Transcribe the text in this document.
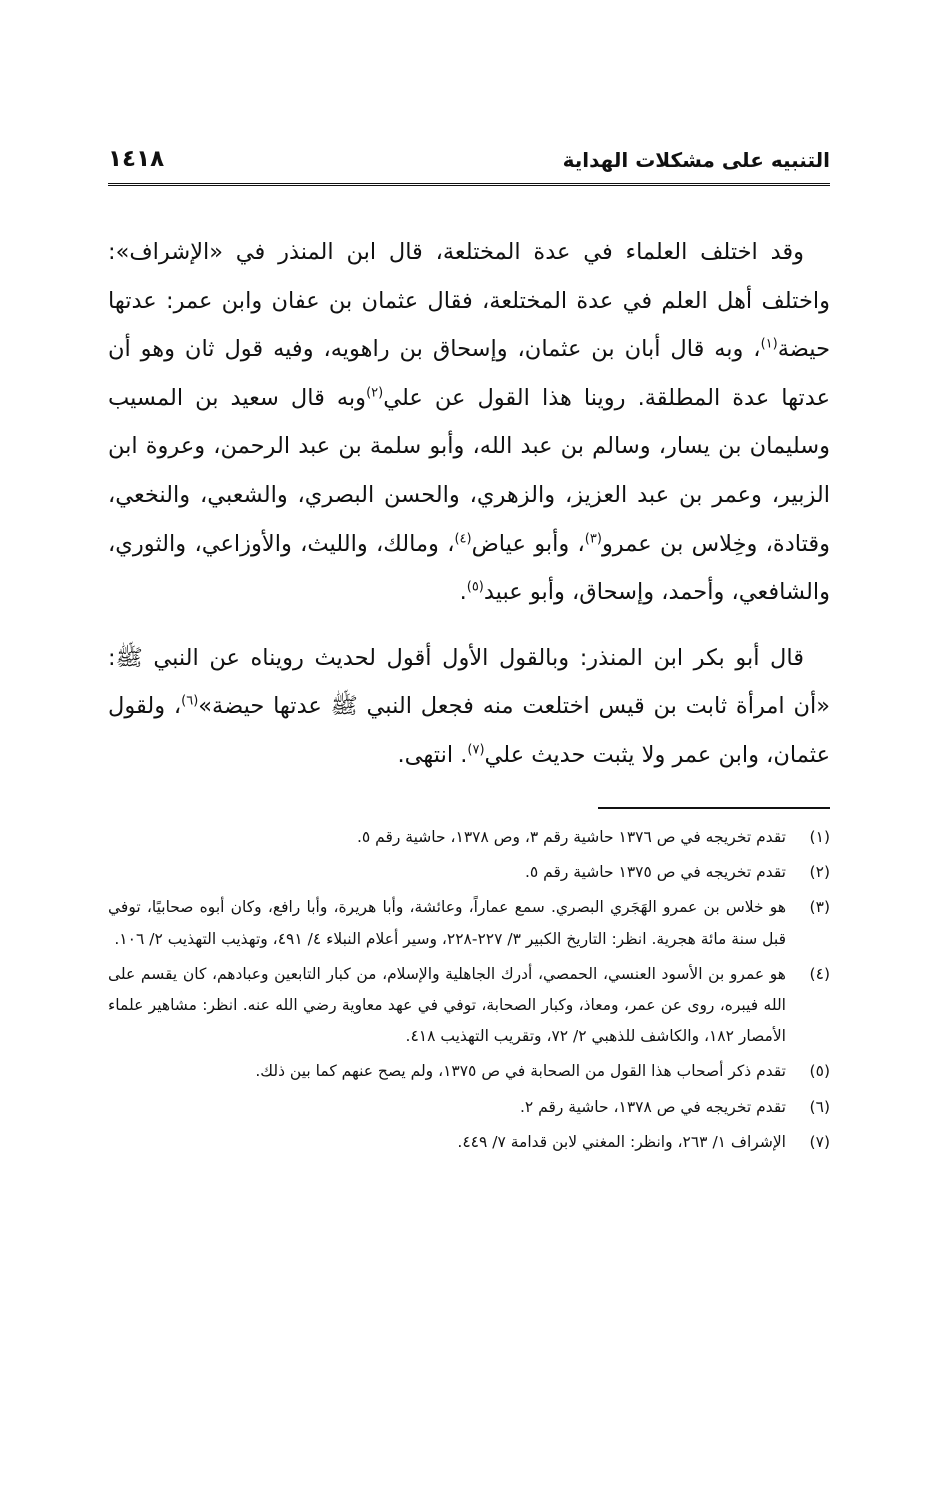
التنبيه على مشكلات الهداية
١٤١٨

وقد اختلف العلماء في عدة المختلعة، قال ابن المنذر في «الإشراف»: واختلف أهل العلم في عدة المختلعة، فقال عثمان بن عفان وابن عمر: عدتها حيضة$^{(١)}$، وبه قال أبان بن عثمان، وإسحاق بن راهويه، وفيه قول ثان وهو أن عدتها عدة المطلقة. روينا هذا القول عن علي$^{(٢)}$وبه قال سعيد بن المسيب وسليمان بن يسار، وسالم بن عبد الله، وأبو سلمة بن عبد الرحمن، وعروة ابن الزبير، وعمر بن عبد العزيز، والزهري، والحسن البصري، والشعبي، والنخعي، وقتادة، وخِلاس بن عمرو$^{(٣)}$، وأبو عياض$^{(٤)}$، ومالك، والليث، والأوزاعي، والثوري، والشافعي، وأحمد، وإسحاق، وأبو عبيد$^{(٥)}$.

قال أبو بكر ابن المنذر: وبالقول الأول أقول لحديث رويناه عن النبي ﷺ: «أن امرأة ثابت بن قيس اختلعت منه فجعل النبي ﷺ عدتها حيضة»$^{(٦)}$، ولقول عثمان، وابن عمر ولا يثبت حديث علي$^{(٧)}$. انتهى.

(١)
تقدم تخريجه في ص ١٣٧٦ حاشية رقم ٣، وص ١٣٧٨، حاشية رقم ٥.
(٢)
تقدم تخريجه في ص ١٣٧٥ حاشية رقم ٥.
(٣)
هو خلاس بن عمرو الهَجَري البصري. سمع عماراً، وعائشة، وأبا هريرة، وأبا رافع، وكان أبوه صحابيًا، توفي قبل سنة مائة هجرية. انظر: التاريخ الكبير ٣/ ٢٢٧-٢٢٨، وسير أعلام النبلاء ٤/ ٤٩١، وتهذيب التهذيب ٢/ ١٠٦.
(٤)
هو عمرو بن الأسود العنسي، الحمصي، أدرك الجاهلية والإسلام، من كبار التابعين وعبادهم، كان يقسم على الله فيبره، روى عن عمر، ومعاذ، وكبار الصحابة، توفي في عهد معاوية رضي الله عنه. انظر: مشاهير علماء الأمصار ١٨٢، والكاشف للذهبي ٢/ ٧٢، وتقريب التهذيب ٤١٨.
(٥)
تقدم ذكر أصحاب هذا القول من الصحابة في ص ١٣٧٥، ولم يصح عنهم كما بين ذلك.
(٦)
تقدم تخريجه في ص ١٣٧٨، حاشية رقم ٢.
(٧)
الإشراف ١/ ٢٦٣، وانظر: المغني لابن قدامة ٧/ ٤٤٩.
